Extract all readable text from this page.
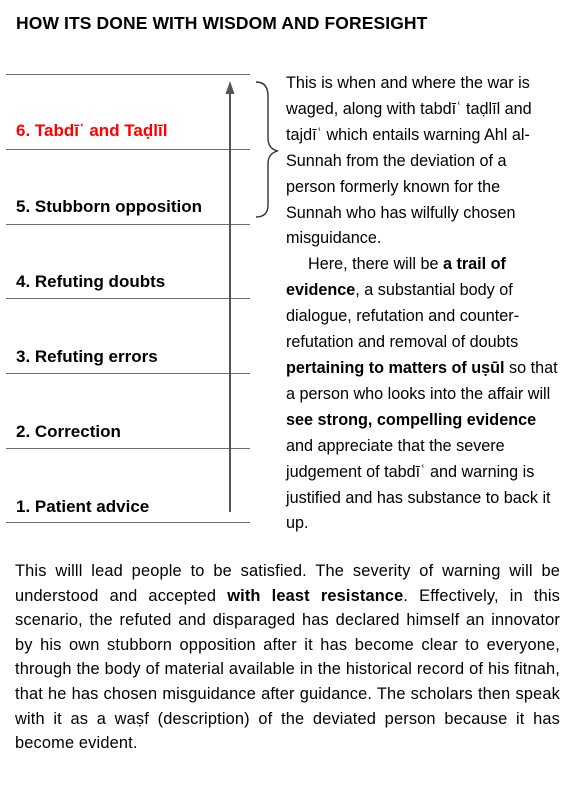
HOW ITS DONE WITH WISDOM AND FORESIGHT
6. Tabdīʿ and Taḍlīl
5. Stubborn opposition
4. Refuting doubts
3. Refuting errors
2. Correction
1. Patient advice

This is when and where the war is waged, along with tabdīʿ taḍlīl and tajdīʿ which entails warning Ahl al-Sunnah from the deviation of a person formerly known for the Sunnah who has wilfully chosen misguidance.

Here, there will be a trail of evidence, a substantial body of dialogue, refutation and counter-refutation and removal of doubts pertaining to matters of uṣūl so that a person who looks into the affair will see strong, compelling evidence and appreciate that the severe judgement of tabdīʿ and warning is justified and has substance to back it up.

This willl lead people to be satisfied. The severity of warning will be understood and accepted with least resistance. Effectively, in this scenario, the refuted and disparaged has declared himself an innovator by his own stubborn opposition after it has become clear to everyone, through the body of material available in the historical record of his fitnah, that he has chosen misguidance after guidance. The scholars then speak with it as a waṣf (description) of the deviated person because it has become evident.
